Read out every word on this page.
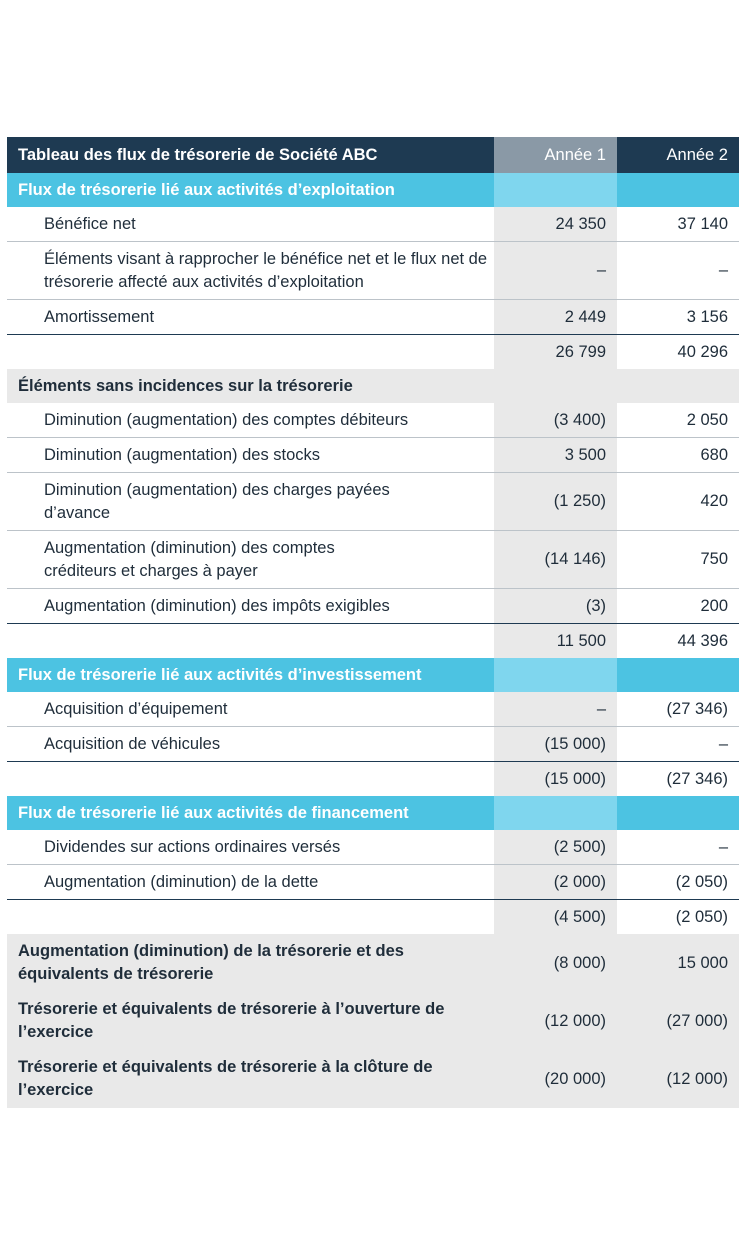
Tableau des flux de trésorerie de Société ABC	Année 1	Année 2
Flux de trésorerie lié aux activités d’exploitation		
Bénéfice net	24 350	37 140
Éléments visant à rapprocher le bénéfice net et le flux net de trésorerie affecté aux activités d’exploitation	–	–
Amortissement	2 449	3 156
	26 799	40 296
Éléments sans incidences sur la trésorerie		
Diminution (augmentation) des comptes débiteurs	(3 400)	2 050
Diminution (augmentation) des stocks	3 500	680
Diminution (augmentation) des charges payées d’avance	(1 250)	420
Augmentation (diminution) des comptes créditeurs et charges à payer	(14 146)	750
Augmentation (diminution) des impôts exigibles	(3)	200
	11 500	44 396
Flux de trésorerie lié aux activités d’investissement		
Acquisition d’équipement	–	(27 346)
Acquisition de véhicules	(15 000)	–
	(15 000)	(27 346)
Flux de trésorerie lié aux activités de financement		
Dividendes sur actions ordinaires versés	(2 500)	–
Augmentation (diminution) de la dette	(2 000)	(2 050)
	(4 500)	(2 050)
Augmentation (diminution) de la trésorerie et des équivalents de trésorerie	(8 000)	15 000
Trésorerie et équivalents de trésorerie à l’ouverture de l’exercice	(12 000)	(27 000)
Trésorerie et équivalents de trésorerie à la clôture de l’exercice	(20 000)	(12 000)
